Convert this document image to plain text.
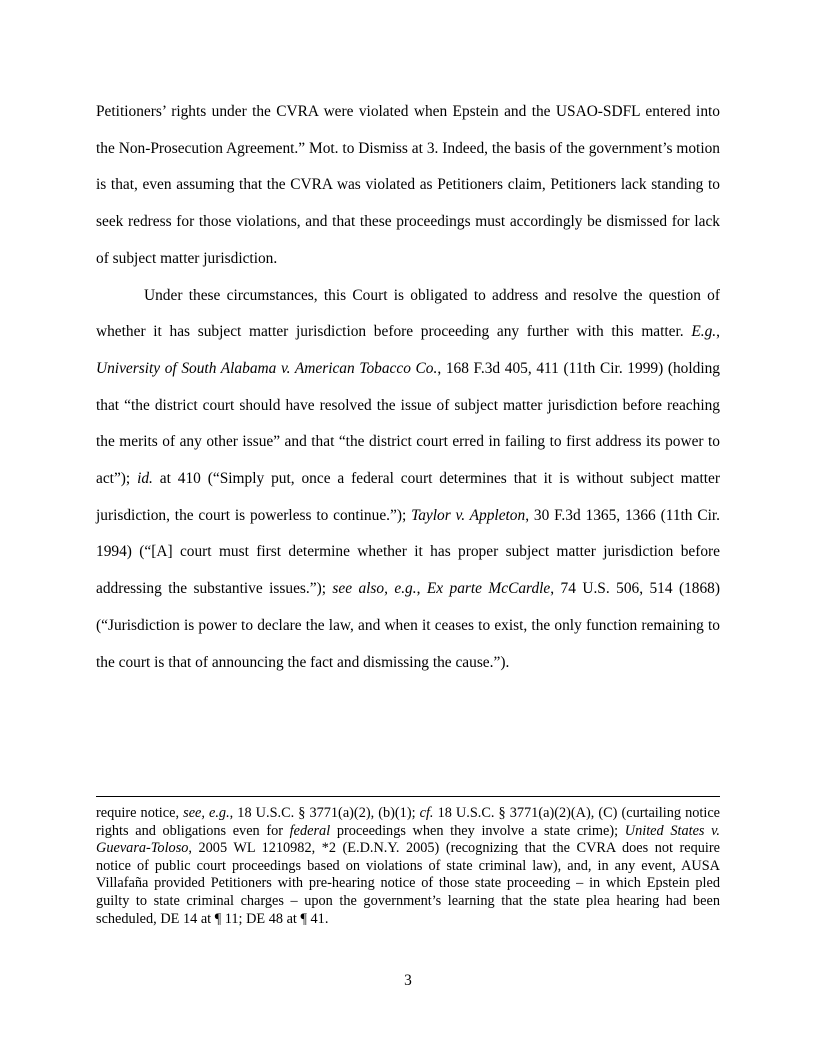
Petitioners’ rights under the CVRA were violated when Epstein and the USAO-SDFL entered into the Non-Prosecution Agreement.” Mot. to Dismiss at 3. Indeed, the basis of the government’s motion is that, even assuming that the CVRA was violated as Petitioners claim, Petitioners lack standing to seek redress for those violations, and that these proceedings must accordingly be dismissed for lack of subject matter jurisdiction.

Under these circumstances, this Court is obligated to address and resolve the question of whether it has subject matter jurisdiction before proceeding any further with this matter. E.g., University of South Alabama v. American Tobacco Co., 168 F.3d 405, 411 (11th Cir. 1999) (holding that “the district court should have resolved the issue of subject matter jurisdiction before reaching the merits of any other issue” and that “the district court erred in failing to first address its power to act”); id. at 410 (“Simply put, once a federal court determines that it is without subject matter jurisdiction, the court is powerless to continue.”); Taylor v. Appleton, 30 F.3d 1365, 1366 (11th Cir. 1994) (“[A] court must first determine whether it has proper subject matter jurisdiction before addressing the substantive issues.”); see also, e.g., Ex parte McCardle, 74 U.S. 506, 514 (1868) (“Jurisdiction is power to declare the law, and when it ceases to exist, the only function remaining to the court is that of announcing the fact and dismissing the cause.”).

require notice, see, e.g., 18 U.S.C. § 3771(a)(2), (b)(1); cf. 18 U.S.C. § 3771(a)(2)(A), (C) (curtailing notice rights and obligations even for federal proceedings when they involve a state crime); United States v. Guevara-Toloso, 2005 WL 1210982, *2 (E.D.N.Y. 2005) (recognizing that the CVRA does not require notice of public court proceedings based on violations of state criminal law), and, in any event, AUSA Villafaña provided Petitioners with pre-hearing notice of those state proceeding – in which Epstein pled guilty to state criminal charges – upon the government’s learning that the state plea hearing had been scheduled, DE 14 at ¶ 11; DE 48 at ¶ 41.

3
